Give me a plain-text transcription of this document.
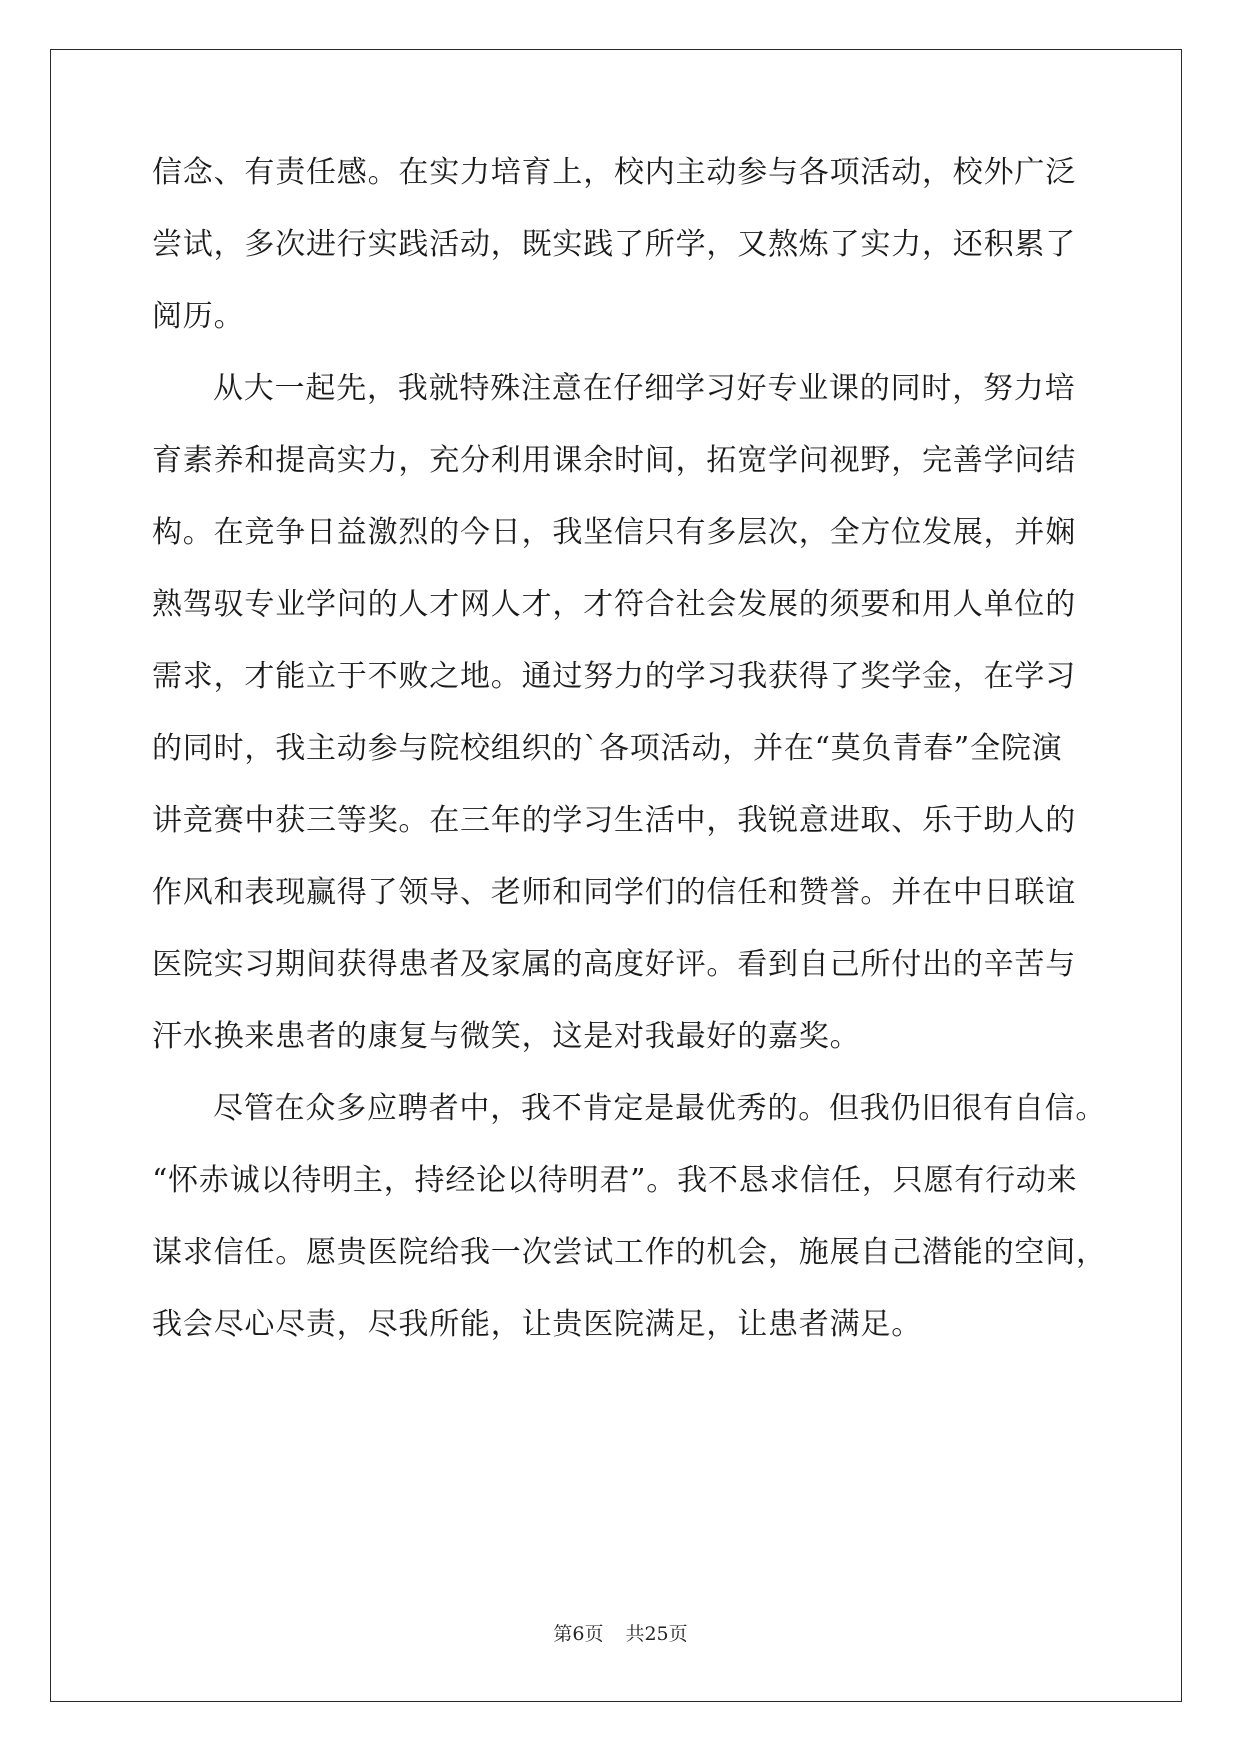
信念、有责任感。在实力培育上，校内主动参与各项活动，校外广泛
尝试，多次进行实践活动，既实践了所学，又熬炼了实力，还积累了
阅历。
从大一起先，我就特殊注意在仔细学习好专业课的同时，努力培
育素养和提高实力，充分利用课余时间，拓宽学问视野，完善学问结
构。在竞争日益激烈的今日，我坚信只有多层次，全方位发展，并娴
熟驾驭专业学问的人才网人才，才符合社会发展的须要和用人单位的
需求，才能立于不败之地。通过努力的学习我获得了奖学金，在学习
的同时，我主动参与院校组织的`各项活动，并在“莫负青春”全院演
讲竞赛中获三等奖。在三年的学习生活中，我锐意进取、乐于助人的
作风和表现赢得了领导、老师和同学们的信任和赞誉。并在中日联谊
医院实习期间获得患者及家属的高度好评。看到自己所付出的辛苦与
汗水换来患者的康复与微笑，这是对我最好的嘉奖。
尽管在众多应聘者中，我不肯定是最优秀的。但我仍旧很有自信。
“怀赤诚以待明主，持经论以待明君”。我不恳求信任，只愿有行动来
谋求信任。愿贵医院给我一次尝试工作的机会，施展自己潜能的空间，
我会尽心尽责，尽我所能，让贵医院满足，让患者满足。
第6页 共25页
